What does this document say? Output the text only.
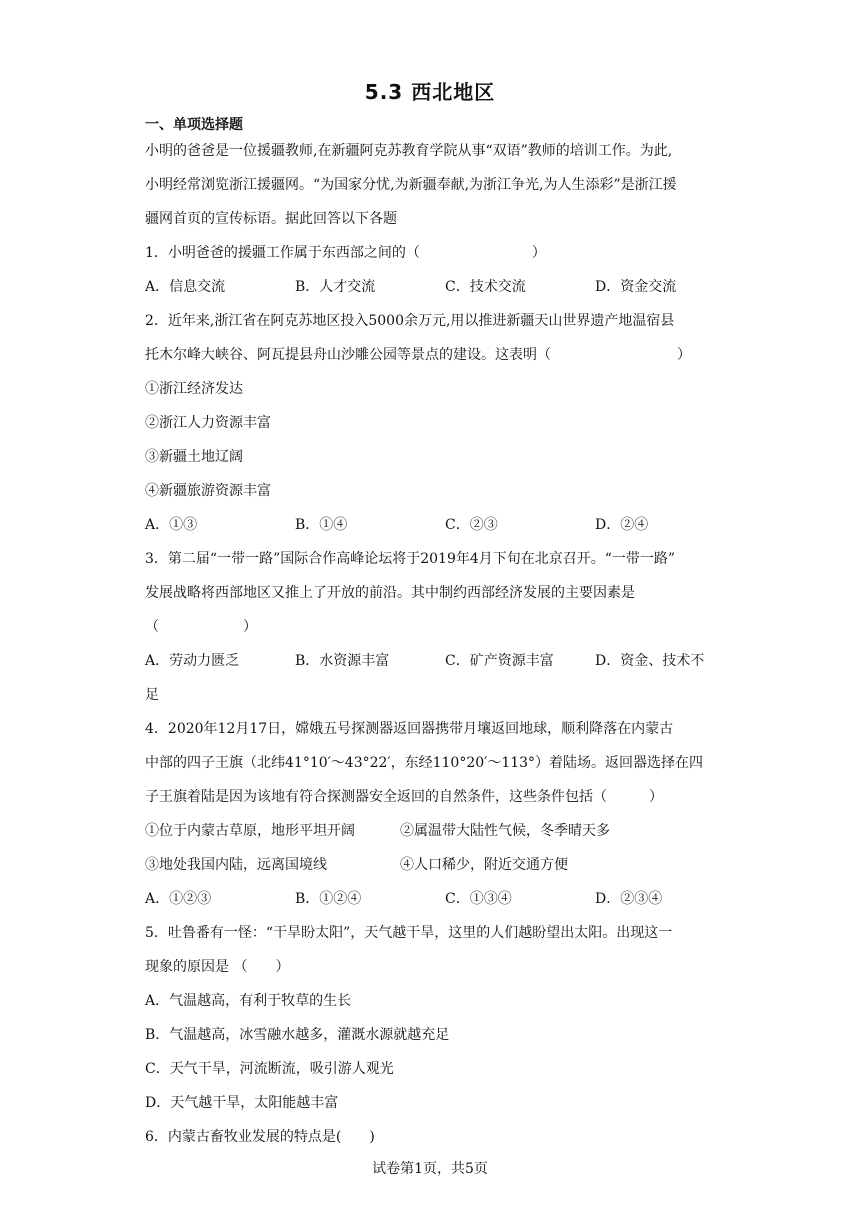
5.3 西北地区
一、单项选择题
小明的爸爸是一位援疆教师,在新疆阿克苏教育学院从事“双语”教师的培训工作。为此,
小明经常浏览浙江援疆网。“为国家分忧,为新疆奉献,为浙江争光,为人生添彩”是浙江援
疆网首页的宣传标语。据此回答以下各题
1．小明爸爸的援疆工作属于东西部之间的（　　　　　　　　）
A．信息交流	B．人才交流	C．技术交流	D．资金交流
2．近年来,浙江省在阿克苏地区投入5000余万元,用以推进新疆天山世界遗产地温宿县
托木尔峰大峡谷、阿瓦提县舟山沙雕公园等景点的建设。这表明（　　　　　　　　　）
①浙江经济发达
②浙江人力资源丰富
③新疆土地辽阔
④新疆旅游资源丰富
A．①③	B．①④	C．②③	D．②④
3．第二届“一带一路”国际合作高峰论坛将于2019年4月下旬在北京召开。“一带一路”
发展战略将西部地区又推上了开放的前沿。其中制约西部经济发展的主要因素是
（　　　　　　）
A．劳动力匮乏	B．水资源丰富	C．矿产资源丰富	D．资金、技术不
足
4．2020年12月17日，嫦娥五号探测器返回器携带月壤返回地球，顺利降落在内蒙古
中部的四子王旗（北纬41°10′～43°22′，东经110°20′～113°）着陆场。返回器选择在四
子王旗着陆是因为该地有符合探测器安全返回的自然条件，这些条件包括（　　　）
①位于内蒙古草原，地形平坦开阔	②属温带大陆性气候，冬季晴天多
③地处我国内陆，远离国境线	④人口稀少，附近交通方便
A．①②③	B．①②④	C．①③④	D．②③④
5．吐鲁番有一怪：“干旱盼太阳”，天气越干旱，这里的人们越盼望出太阳。出现这一
现象的原因是 （　　）
A．气温越高，有利于牧草的生长
B．气温越高，冰雪融水越多，灌溉水源就越充足
C．天气干旱，河流断流，吸引游人观光
D．天气越干旱，太阳能越丰富
6．内蒙古畜牧业发展的特点是(　　)
试卷第1页，共5页
